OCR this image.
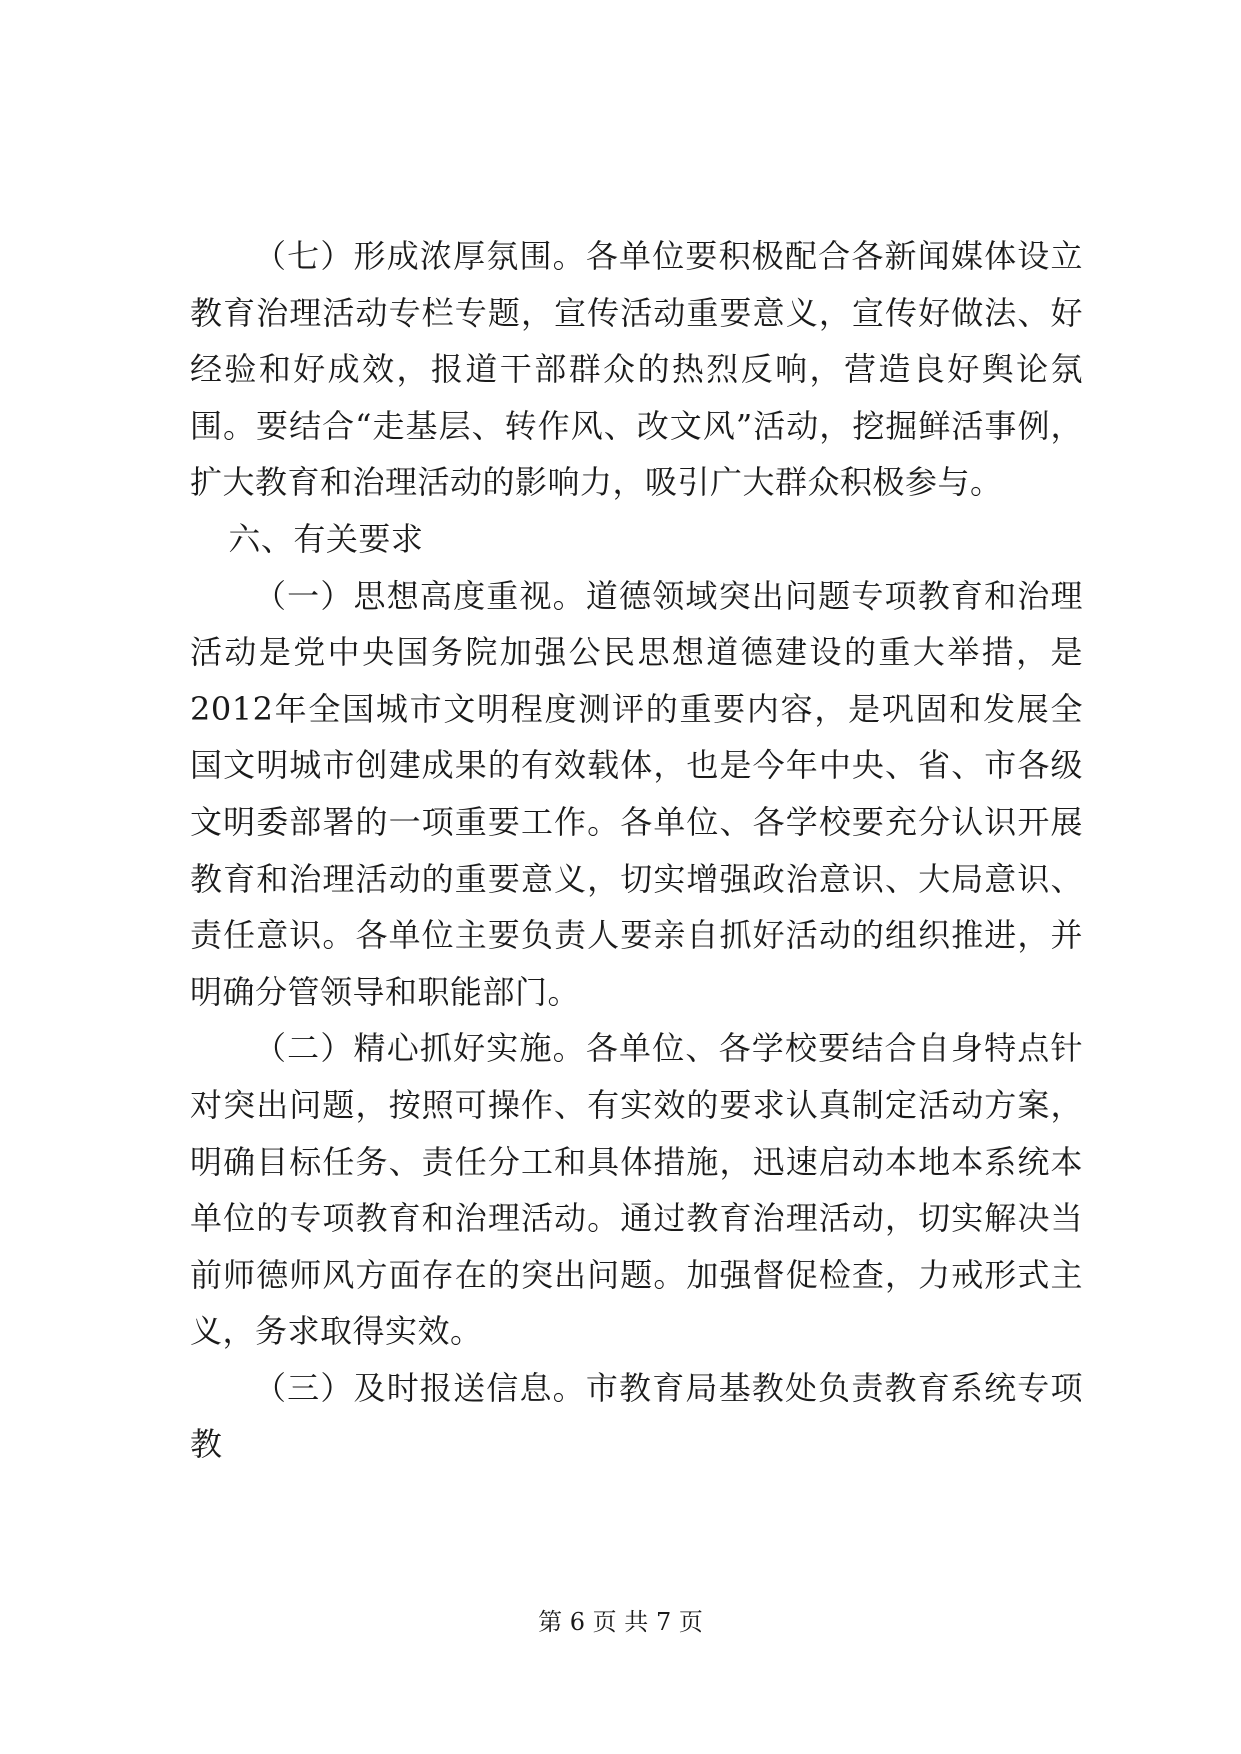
（七）形成浓厚氛围。各单位要积极配合各新闻媒体设立教育治理活动专栏专题，宣传活动重要意义，宣传好做法、好经验和好成效，报道干部群众的热烈反响，营造良好舆论氛围。要结合“走基层、转作风、改文风”活动，挖掘鲜活事例，扩大教育和治理活动的影响力，吸引广大群众积极参与。

六、有关要求

（一）思想高度重视。道德领域突出问题专项教育和治理活动是党中央国务院加强公民思想道德建设的重大举措，是2012年全国城市文明程度测评的重要内容，是巩固和发展全国文明城市创建成果的有效载体，也是今年中央、省、市各级文明委部署的一项重要工作。各单位、各学校要充分认识开展教育和治理活动的重要意义，切实增强政治意识、大局意识、责任意识。各单位主要负责人要亲自抓好活动的组织推进，并明确分管领导和职能部门。

（二）精心抓好实施。各单位、各学校要结合自身特点针对突出问题，按照可操作、有实效的要求认真制定活动方案，明确目标任务、责任分工和具体措施，迅速启动本地本系统本单位的专项教育和治理活动。通过教育治理活动，切实解决当前师德师风方面存在的突出问题。加强督促检查，力戒形式主义，务求取得实效。

（三）及时报送信息。市教育局基教处负责教育系统专项教

第 6 页 共 7 页
